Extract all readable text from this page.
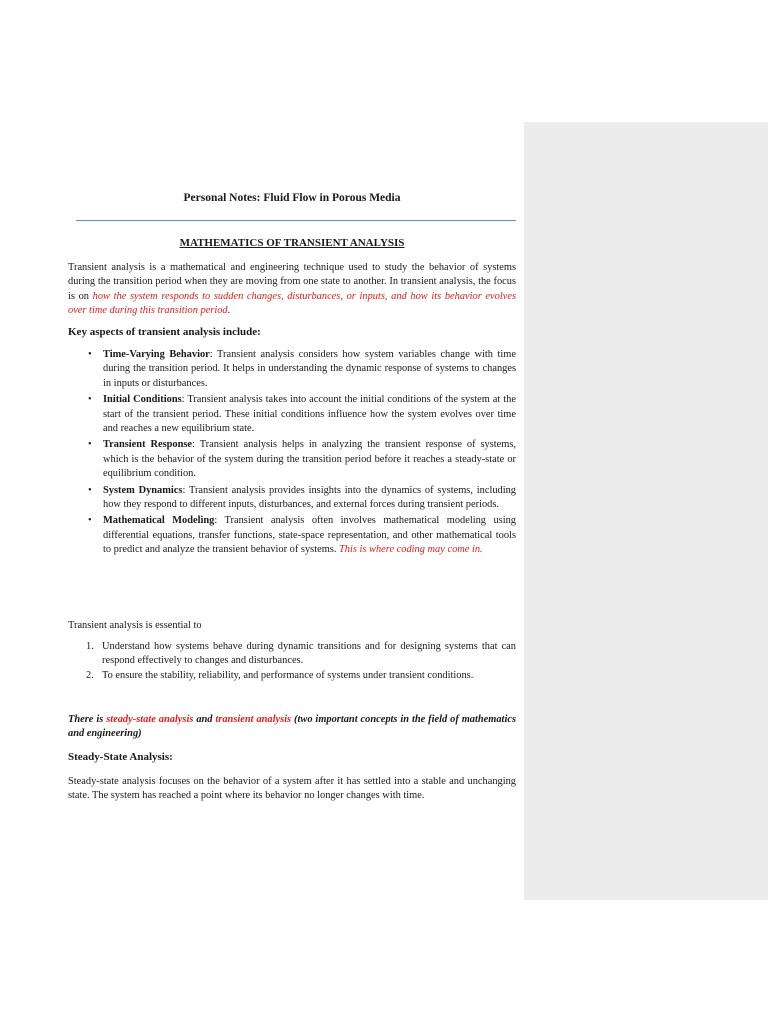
Personal Notes: Fluid Flow in Porous Media
MATHEMATICS OF TRANSIENT ANALYSIS

Transient analysis is a mathematical and engineering technique used to study the behavior of systems during the transition period when they are moving from one state to another. In transient analysis, the focus is on how the system responds to sudden changes, disturbances, or inputs, and how its behavior evolves over time during this transition period.

Key aspects of transient analysis include:
• Time-Varying Behavior: Transient analysis considers how system variables change with time during the transition period. It helps in understanding the dynamic response of systems to changes in inputs or disturbances.
• Initial Conditions: Transient analysis takes into account the initial conditions of the system at the start of the transient period. These initial conditions influence how the system evolves over time and reaches a new equilibrium state.
• Transient Response: Transient analysis helps in analyzing the transient response of systems, which is the behavior of the system during the transition period before it reaches a steady-state or equilibrium condition.
• System Dynamics: Transient analysis provides insights into the dynamics of systems, including how they respond to different inputs, disturbances, and external forces during transient periods.
• Mathematical Modeling: Transient analysis often involves mathematical modeling using differential equations, transfer functions, state-space representation, and other mathematical tools to predict and analyze the transient behavior of systems. This is where coding may come in.

Transient analysis is essential to

1. Understand how systems behave during dynamic transitions and for designing systems that can respond effectively to changes and disturbances.
2. To ensure the stability, reliability, and performance of systems under transient conditions.

There is steady-state analysis and transient analysis (two important concepts in the field of mathematics and engineering)

Steady-State Analysis:

Steady-state analysis focuses on the behavior of a system after it has settled into a stable and unchanging state. The system has reached a point where its behavior no longer changes with time.
